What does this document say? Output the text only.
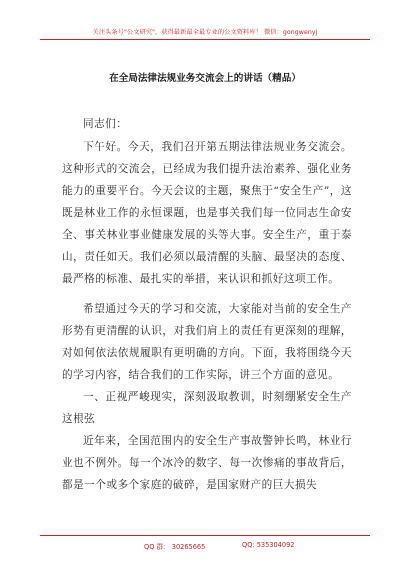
关注头条号"公文研究"，获得最新最全最专业的公文资料库！ 微信：gongwenyj
在全局法律法规业务交流会上的讲话（精品）

同志们：

下午好。今天，我们召开第五期法律法规业务交流会。这种形式的交流会，已经成为我们提升法治素养、强化业务能力的重要平台。今天会议的主题，聚焦于“安全生产”，这既是林业工作的永恒课题，也是事关我们每一位同志生命安全、事关林业事业健康发展的头等大事。安全生产，重于泰山，责任如天。我们必须以最清醒的头脑、最坚决的态度、最严格的标准、最扎实的举措，来认识和抓好这项工作。

希望通过今天的学习和交流，大家能对当前的安全生产形势有更清醒的认识，对我们肩上的责任有更深刻的理解，对如何依法依规履职有更明确的方向。下面，我将围绕今天的学习内容，结合我们的工作实际，讲三个方面的意见。

一、正视严峻现实，深刻汲取教训，时刻绷紧安全生产这根弦

近年来，全国范围内的安全生产事故警钟长鸣，林业行业也不例外。每一个冰冷的数字、每一次惨痛的事故背后，都是一个或多个家庭的破碎，是国家财产的巨大损失

QQ 群： 30265665	QQ: 535304092
